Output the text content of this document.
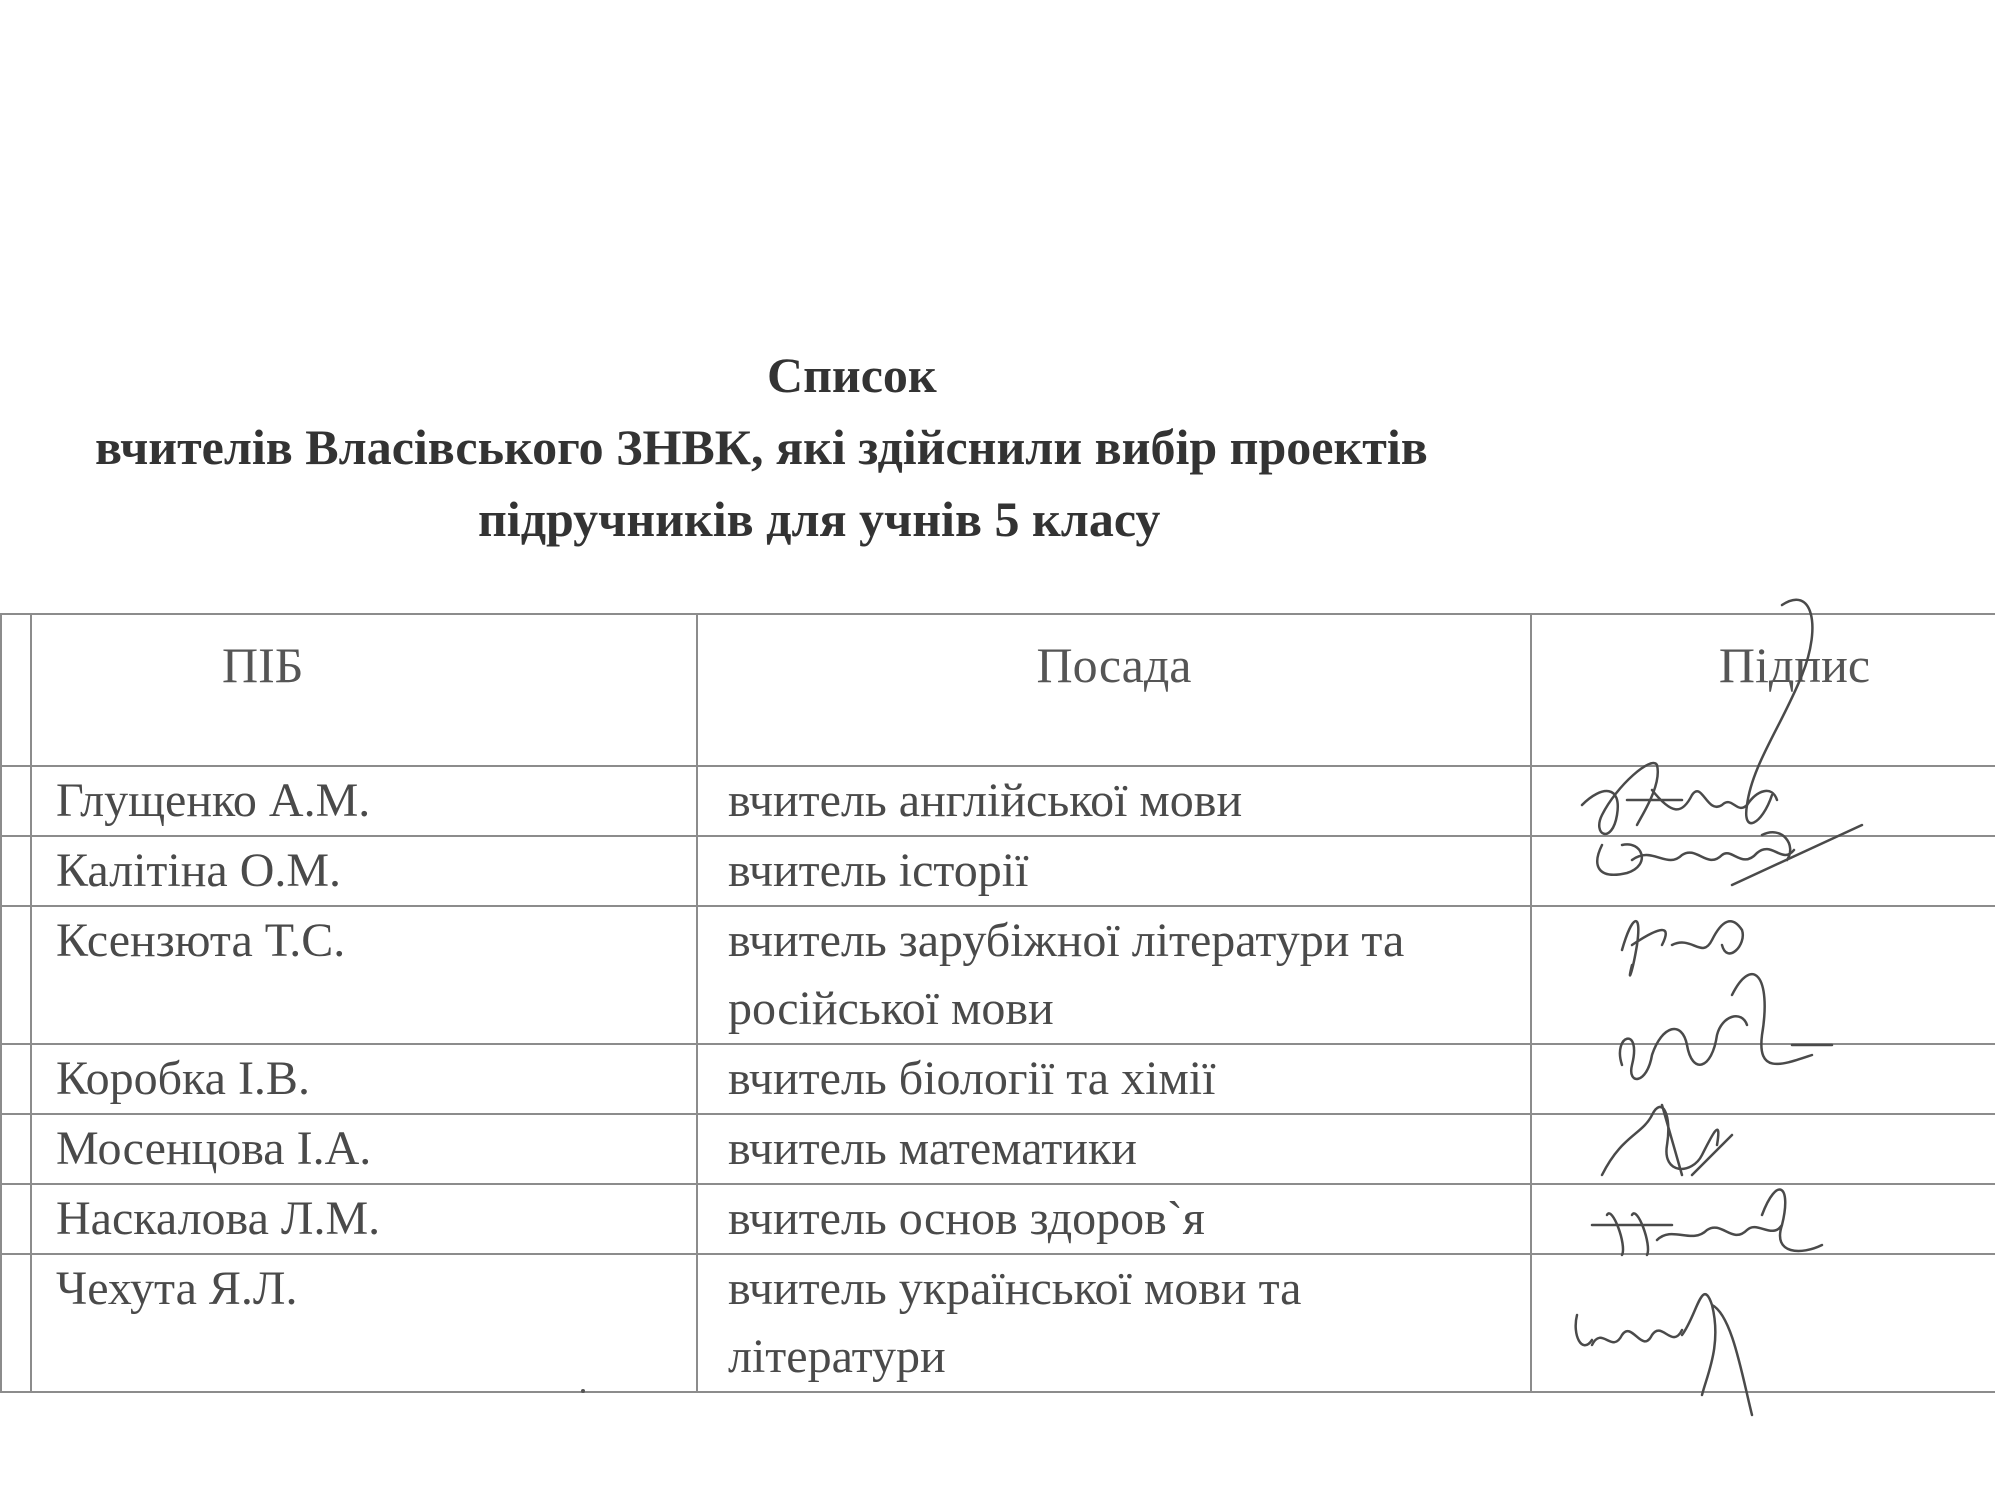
Список
вчителів Власівського ЗНВК, які здійснили вибір проектів
підручників для учнів 5 класу

	ПІБ	Посада	Підпис

	Глущенко А.М.	вчитель англійської мови	

	Калітіна О.М.	вчитель історії	

	Ксензюта Т.С.	вчитель зарубіжної літератури та російської мови	

	Коробка І.В.	вчитель біології та хімії	

	Мосенцова І.А.	вчитель математики	

	Наскалова Л.М.	вчитель основ здоров`я	

	Чехута Я.Л.	вчитель української мови та літератури	
